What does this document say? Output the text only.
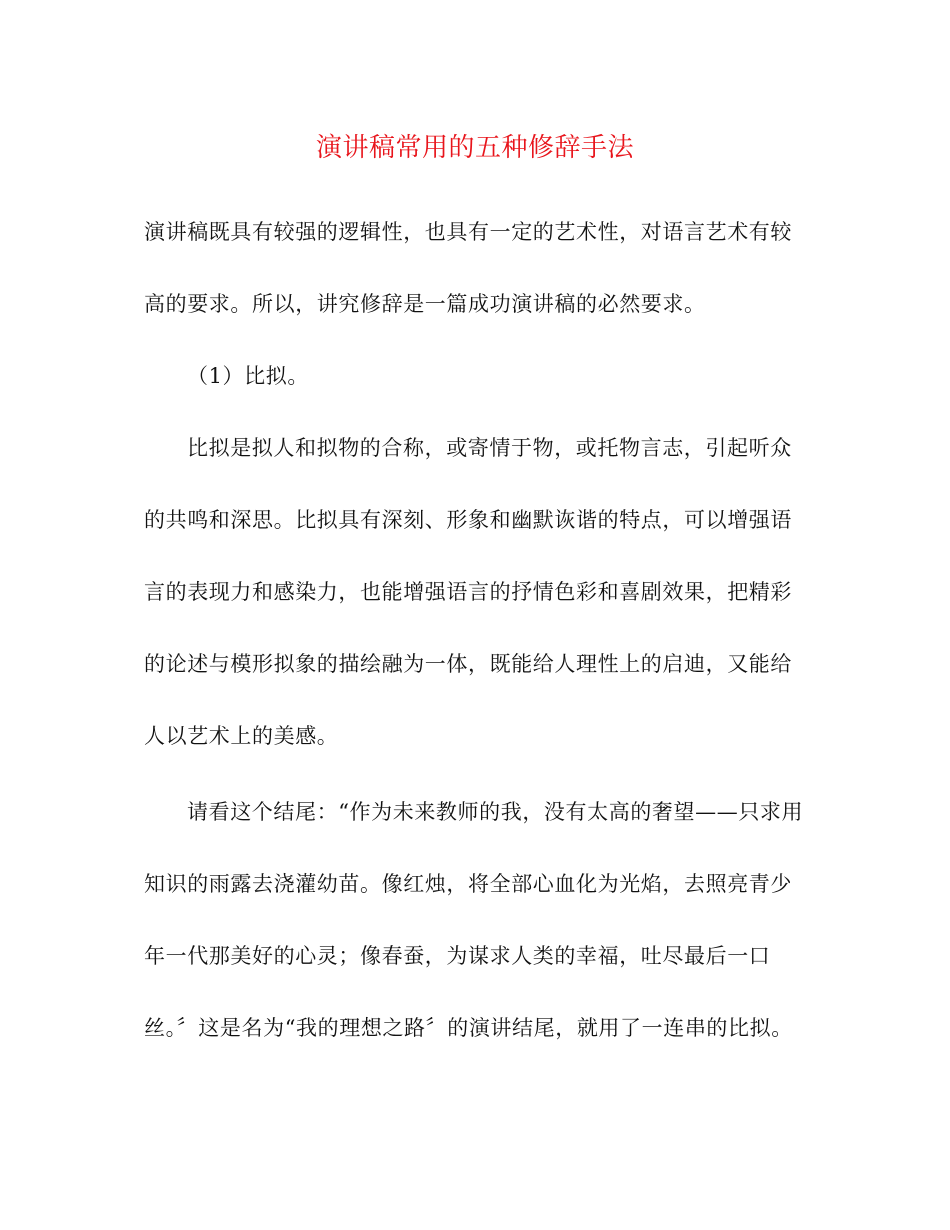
演讲稿常用的五种修辞手法
演讲稿既具有较强的逻辑性，也具有一定的艺术性，对语言艺术有较
高的要求。所以，讲究修辞是一篇成功演讲稿的必然要求。
（1）比拟。
比拟是拟人和拟物的合称，或寄情于物，或托物言志，引起听众
的共鸣和深思。比拟具有深刻、形象和幽默诙谐的特点，可以增强语
言的表现力和感染力，也能增强语言的抒情色彩和喜剧效果，把精彩
的论述与模形拟象的描绘融为一体，既能给人理性上的启迪，又能给
人以艺术上的美感。
请看这个结尾：“作为未来教师的我，没有太高的奢望——只求用
知识的雨露去浇灌幼苗。像红烛，将全部心血化为光焰，去照亮青少
年一代那美好的心灵；像春蚕，为谋求人类的幸福，吐尽最后一口
丝。〞这是名为“我的理想之路〞的演讲结尾，就用了一连串的比拟。
